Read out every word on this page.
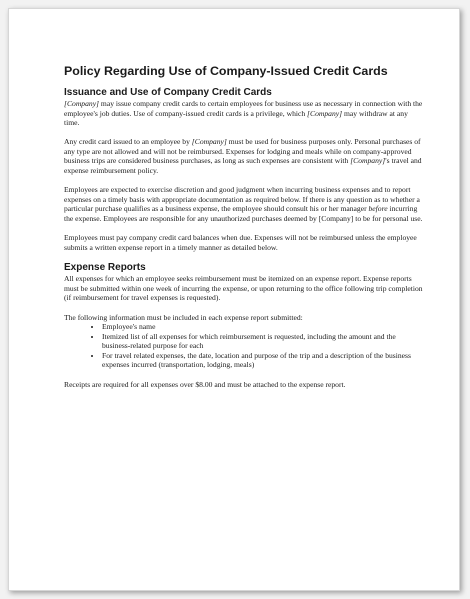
Policy Regarding Use of Company-Issued Credit Cards
Issuance and Use of Company Credit Cards

[Company] may issue company credit cards to certain employees for business use as necessary in connection with the employee's job duties. Use of company-issued credit cards is a privilege, which [Company] may withdraw at any time.

Any credit card issued to an employee by [Company] must be used for business purposes only. Personal purchases of any type are not allowed and will not be reimbursed. Expenses for lodging and meals while on company-approved business trips are considered business purchases, as long as such expenses are consistent with [Company]'s travel and expense reimbursement policy.

Employees are expected to exercise discretion and good judgment when incurring business expenses and to report expenses on a timely basis with appropriate documentation as required below. If there is any question as to whether a particular purchase qualifies as a business expense, the employee should consult his or her manager before incurring the expense. Employees are responsible for any unauthorized purchases deemed by [Company] to be for personal use.

Employees must pay company credit card balances when due. Expenses will not be reimbursed unless the employee submits a written expense report in a timely manner as detailed below.

Expense Reports

All expenses for which an employee seeks reimbursement must be itemized on an expense report. Expense reports must be submitted within one week of incurring the expense, or upon returning to the office following trip completion (if reimbursement for travel expenses is requested).

The following information must be included in each expense report submitted:

• Employee's name
• Itemized list of all expenses for which reimbursement is requested, including the amount and the business-related purpose for each
• For travel related expenses, the date, location and purpose of the trip and a description of the business expenses incurred (transportation, lodging, meals)

Receipts are required for all expenses over $8.00 and must be attached to the expense report.
